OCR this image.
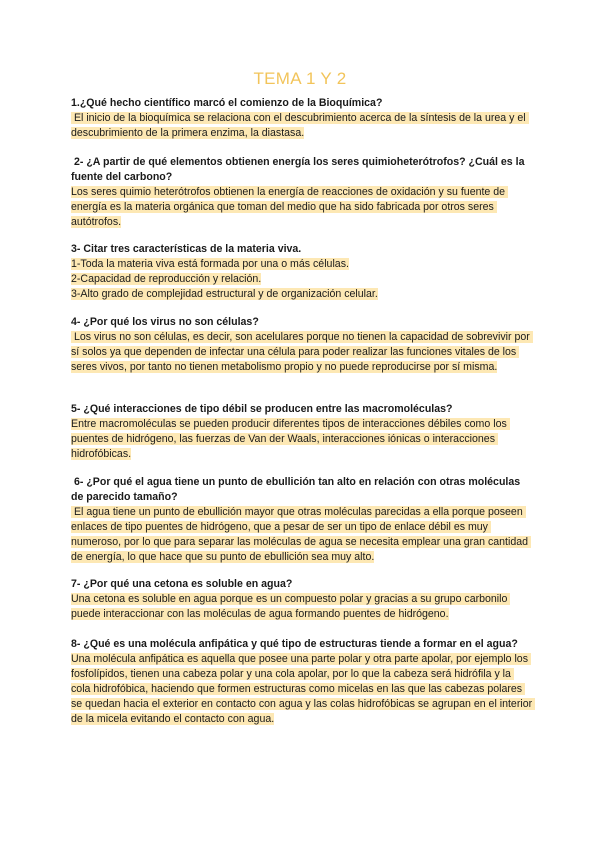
TEMA 1 Y 2

1.¿Qué hecho científico marcó el comienzo de la Bioquímica?

El inicio de la bioquímica se relaciona con el descubrimiento acerca de la síntesis de la urea y el descubrimiento de la primera enzima, la diastasa.

2- ¿A partir de qué elementos obtienen energía los seres quimioheterótrofos? ¿Cuál es la fuente del carbono?

Los seres quimio heterótrofos obtienen la energía de reacciones de oxidación y su fuente de energía es la materia orgánica que toman del medio que ha sido fabricada por otros seres autótrofos.

3- Citar tres características de la materia viva.

1-Toda la materia viva está formada por una o más células.
2-Capacidad de reproducción y relación.
3-Alto grado de complejidad estructural y de organización celular.

4- ¿Por qué los virus no son células?

Los virus no son células, es decir, son acelulares porque no tienen la capacidad de sobrevivir por sí solos ya que dependen de infectar una célula para poder realizar las funciones vitales de los seres vivos, por tanto no tienen metabolismo propio y no puede reproducirse por sí misma.

5- ¿Qué interacciones de tipo débil se producen entre las macromoléculas?

Entre macromoléculas se pueden producir diferentes tipos de interacciones débiles como los puentes de hidrógeno, las fuerzas de Van der Waals, interacciones iónicas o interacciones hidrofóbicas.

6- ¿Por qué el agua tiene un punto de ebullición tan alto en relación con otras moléculas de parecido tamaño?

El agua tiene un punto de ebullición mayor que otras moléculas parecidas a ella porque poseen enlaces de tipo puentes de hidrógeno, que a pesar de ser un tipo de enlace débil es muy numeroso, por lo que para separar las moléculas de agua se necesita emplear una gran cantidad de energía, lo que hace que su punto de ebullición sea muy alto.

7- ¿Por qué una cetona es soluble en agua?

Una cetona es soluble en agua porque es un compuesto polar y gracias a su grupo carbonilo puede interaccionar con las moléculas de agua formando puentes de hidrógeno.

8- ¿Qué es una molécula anfipática y qué tipo de estructuras tiende a formar en el agua?

Una molécula anfipática es aquella que posee una parte polar y otra parte apolar, por ejemplo los fosfolípidos, tienen una cabeza polar y una cola apolar, por lo que la cabeza será hidrófila y la cola hidrofóbica, haciendo que formen estructuras como micelas en las que las cabezas polares se quedan hacia el exterior en contacto con agua y las colas hidrofóbicas se agrupan en el interior de la micela evitando el contacto con agua.
